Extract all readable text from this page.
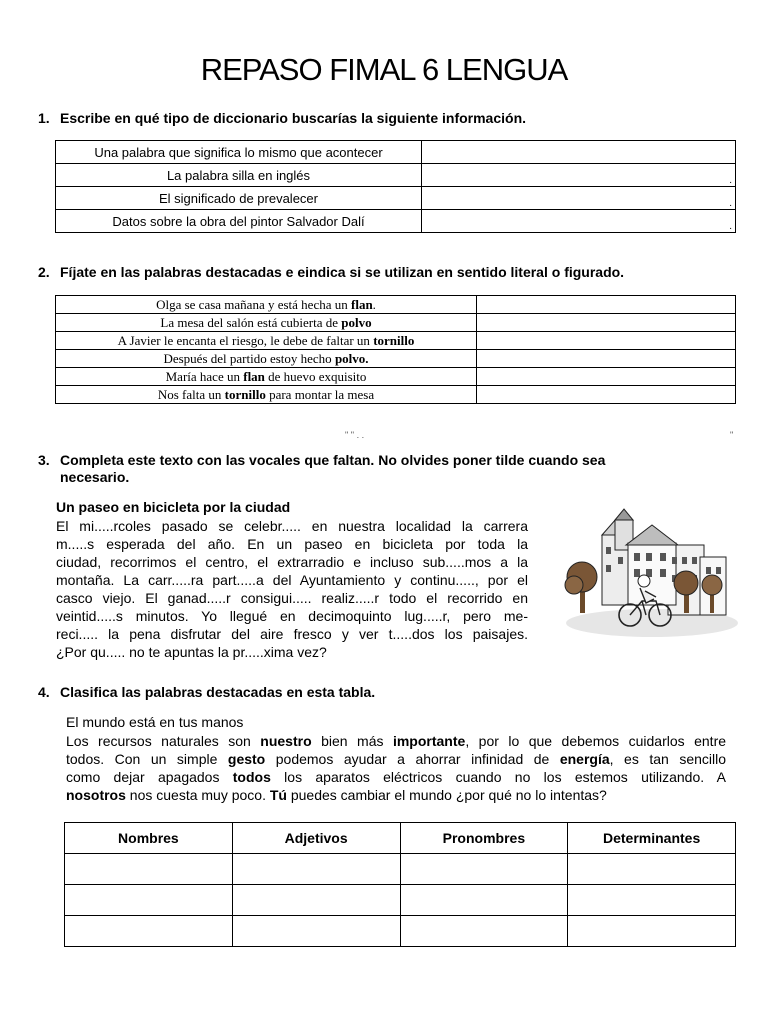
REPASO FIMAL 6 LENGUA
1. Escribe en qué tipo de diccionario buscarías la siguiente información.
Una palabra que significa lo mismo que acontecer	

La palabra silla en inglés	.

El significado de prevalecer	.

Datos sobre la obra del pintor Salvador Dalí	.
2. Fíjate en las palabras destacadas e eindica si se utilizan en sentido literal o figurado.
Olga se casa mañana y está hecha un flan.	
La mesa del salón está cubierta de polvo	
A Javier le encanta el riesgo, le debe de faltar un tornillo	
Después del partido estoy hecho polvo.	
María hace un flan de huevo exquisito	
Nos falta un tornillo para montar la mesa	
" '' . .	"
3. Completa este texto con las vocales que faltan. No olvides poner tilde cuando sea
necesario.
Un paseo en bicicleta por la ciudad
El mi.....rcoles pasado se celebr..... en nuestra localidad la carrera
m.....s esperada del año. En un paseo en bicicleta por toda la
ciudad, recorrimos el centro, el extrarradio e incluso sub.....mos a la
montaña. La carr.....ra part.....a del Ayuntamiento y continu....., por el
casco viejo. El ganad.....r consigui..... realiz.....r todo el recorrido en
veintid.....s minutos. Yo llegué en decimoquinto lug.....r, pero me-
reci..... la pena disfrutar del aire fresco y ver t.....dos los paisajes.
¿Por qu..... no te apuntas la pr.....xima vez?
4. Clasifica las palabras destacadas en esta tabla.
El mundo está en tus manos
Los recursos naturales son nuestro bien más importante, por lo que debemos cuidarlos entre
todos. Con un simple gesto podemos ayudar a ahorrar infinidad de energía, es tan sencillo
como dejar apagados todos los aparatos eléctricos cuando no los estemos utilizando. A
nosotros nos cuesta muy poco. Tú puedes cambiar el mundo ¿por qué no lo intentas?
Nombres	Adjetivos	Pronombres	Determinantes
